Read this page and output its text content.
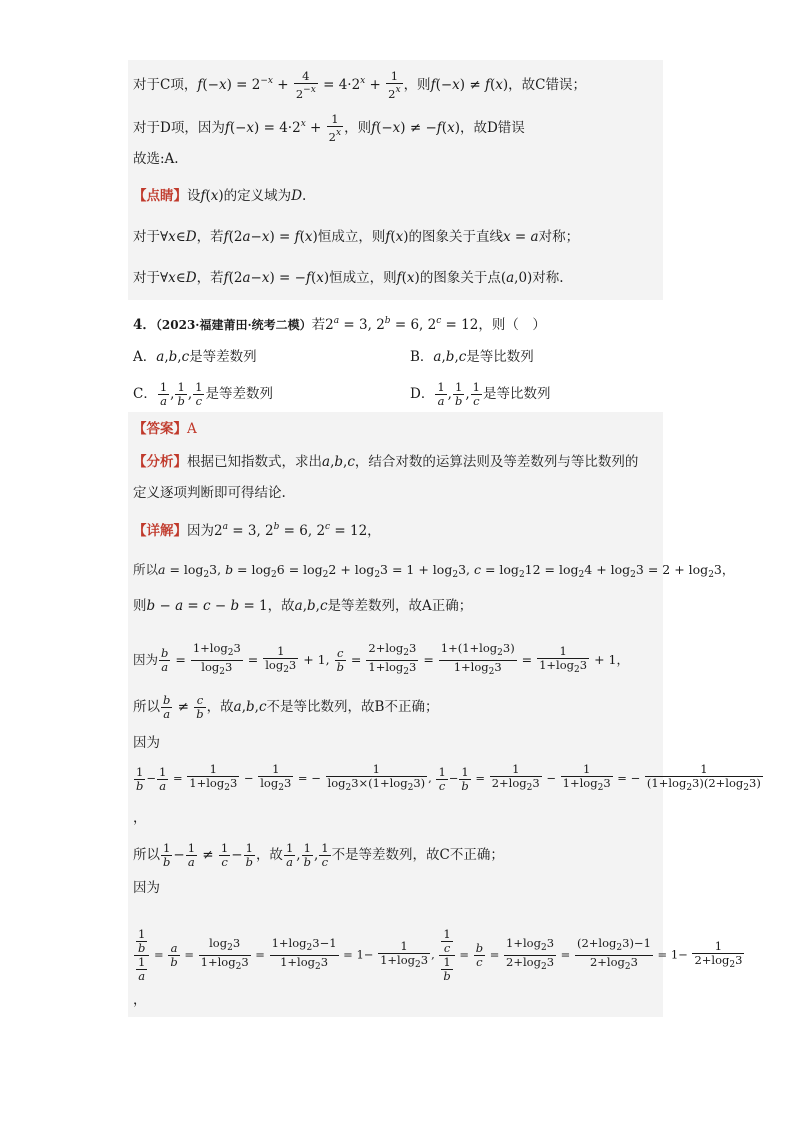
对于C项，$f(-x) = 2^{-x} + \frac{4}{2^{-x}} = 4\cdot 2^x + \frac{1}{2^x}$ ，则f(−x) ≠ f(x)，故C错误；
对于D项，因为$f(-x) = 4\cdot 2^x + \frac{1}{2^x}$ ，则f(−x) ≠ −f(x)，故D错误
故选:A.
【点睛】设f(x)的定义域为D.
对于∀x∈D，若f(2a−x) = f(x)恒成立，则f(x)的图象关于直线x = a对称；
对于∀x∈D，若f(2a−x) = −f(x)恒成立，则f(x)的图象关于点(a,0)对称.
4．（2023·福建莆田·统考二模）若$2^a = 3$, $2^b = 6$, $2^c = 12$，则（　）
A．a,b,c是等差数列	B．a,b,c是等比数列
C． $\frac{1}{a}$ , $\frac{1}{b}$ , $\frac{1}{c}$ 是等差数列	D． $\frac{1}{a}$ , $\frac{1}{b}$ , $\frac{1}{c}$ 是等比数列
【答案】A
【分析】根据已知指数式，求出a,b,c，结合对数的运算法则及等差数列与等比数列的
定义逐项判断即可得结论.
【详解】因为$2^a = 3$, $2^b = 6$, $2^c = 12$，
所以$a = \log_23$, $b = \log_26 = \log_22 + \log_23 = 1 + \log_23$, $c = \log_212 = \log_24 + \log_23 = 2 + \log_23$，
则b − a = c − b = 1，故a,b,c是等差数列，故A正确；
因为 $\frac{b}{a} = \frac{1+\log_23}{\log_23} = \frac{1}{\log_23} + 1$, $\frac{c}{b} = \frac{2+\log_23}{1+\log_23} = \frac{1+(1+\log_23)}{1+\log_23} = \frac{1}{1+\log_23} + 1$，
所以 $\frac{b}{a} \ne \frac{c}{b}$ ，故a,b,c不是等比数列，故B不正确；
因为
$\frac{1}{b} - \frac{1}{a} = \frac{1}{1+\log_23} - \frac{1}{\log_23}$ = − $\frac{1}{\log_23\times(1+\log_23)}$ , $\frac{1}{c} - \frac{1}{b} = \frac{1}{2+\log_23} - \frac{1}{1+\log_23}$ = − $\frac{1}{(1+\log_23)(2+\log_23)}$
，
所以 $\frac{1}{b} - \frac{1}{a} \ne \frac{1}{c} - \frac{1}{b}$ ，故 $\frac{1}{a}$ , $\frac{1}{b}$ , $\frac{1}{c}$ 不是等差数列，故C不正确；
因为
$\frac{\frac{1}{b}}{\frac{1}{a}} = \frac{a}{b} = \frac{\log_23}{1+\log_23} = \frac{1+\log_23-1}{1+\log_23} = 1- \frac{1}{1+\log_23}$ , $\frac{\frac{1}{c}}{\frac{1}{b}} = \frac{b}{c} = \frac{1+\log_23}{2+\log_23} = \frac{(2+\log_23)-1}{2+\log_23} = 1- \frac{1}{2+\log_23}$
，
